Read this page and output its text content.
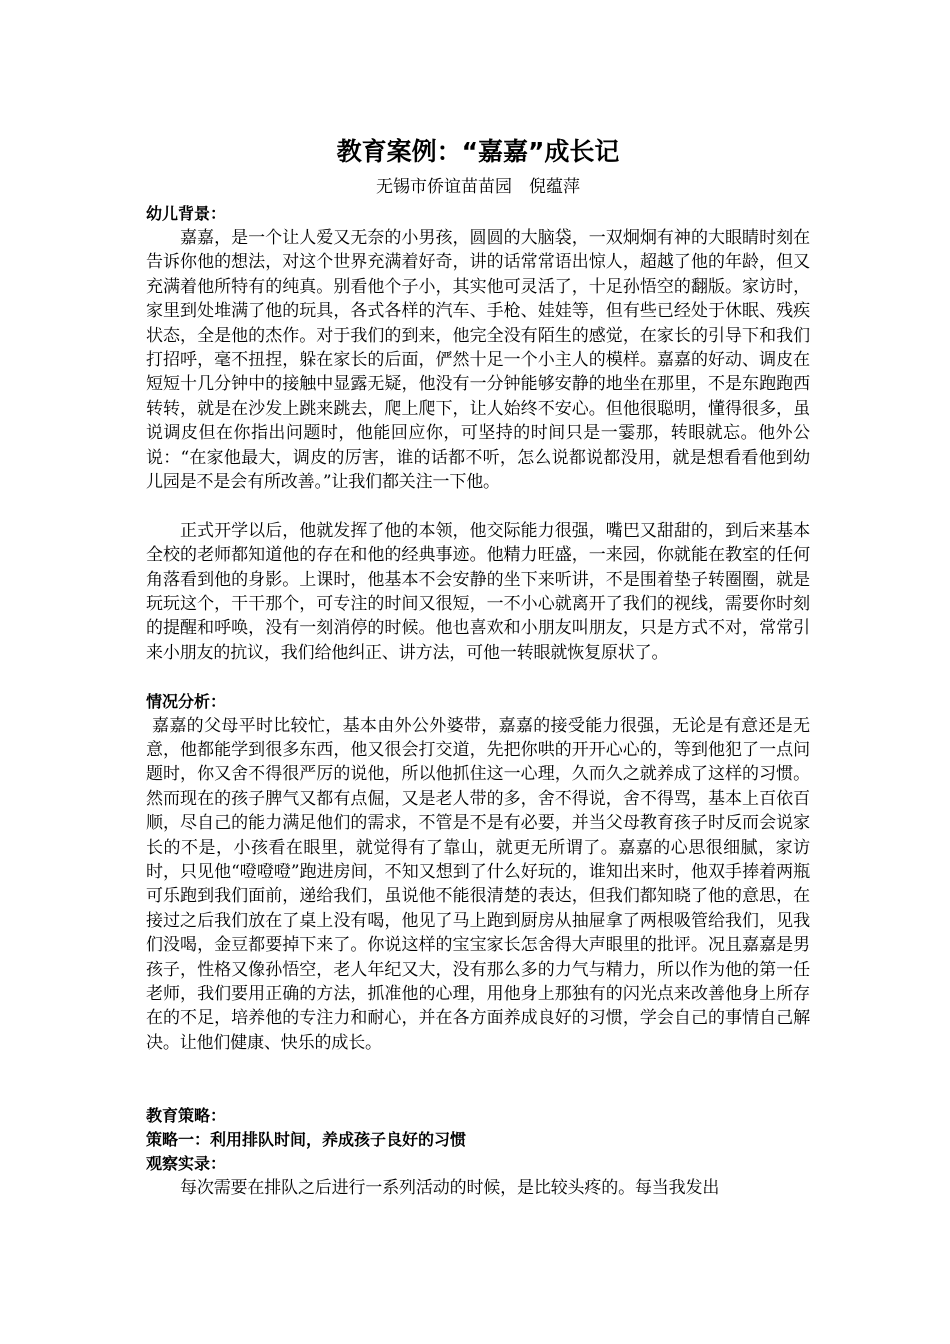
教育案例：“嘉嘉”成长记

无锡市侨谊苗苗园　倪蕴萍

幼儿背景：

嘉嘉，是一个让人爱又无奈的小男孩，圆圆的大脑袋，一双炯炯有神的大眼睛时刻在告诉你他的想法，对这个世界充满着好奇，讲的话常常语出惊人，超越了他的年龄，但又充满着他所特有的纯真。别看他个子小，其实他可灵活了，十足孙悟空的翻版。家访时，家里到处堆满了他的玩具，各式各样的汽车、手枪、娃娃等，但有些已经处于休眠、残疾状态，全是他的杰作。对于我们的到来，他完全没有陌生的感觉，在家长的引导下和我们打招呼，毫不扭捏，躲在家长的后面，俨然十足一个小主人的模样。嘉嘉的好动、调皮在短短十几分钟中的接触中显露无疑，他没有一分钟能够安静的地坐在那里，不是东跑跑西转转，就是在沙发上跳来跳去，爬上爬下，让人始终不安心。但他很聪明，懂得很多，虽说调皮但在你指出问题时，他能回应你，可坚持的时间只是一霎那，转眼就忘。他外公说：“在家他最大，调皮的厉害，谁的话都不听，怎么说都说都没用，就是想看看他到幼儿园是不是会有所改善。”让我们都关注一下他。

正式开学以后，他就发挥了他的本领，他交际能力很强，嘴巴又甜甜的，到后来基本全校的老师都知道他的存在和他的经典事迹。他精力旺盛，一来园，你就能在教室的任何角落看到他的身影。上课时，他基本不会安静的坐下来听讲，不是围着垫子转圈圈，就是玩玩这个，干干那个，可专注的时间又很短，一不小心就离开了我们的视线，需要你时刻的提醒和呼唤，没有一刻消停的时候。他也喜欢和小朋友叫朋友，只是方式不对，常常引来小朋友的抗议，我们给他纠正、讲方法，可他一转眼就恢复原状了。

情况分析：

嘉嘉的父母平时比较忙，基本由外公外婆带，嘉嘉的接受能力很强，无论是有意还是无意，他都能学到很多东西，他又很会打交道，先把你哄的开开心心的，等到他犯了一点问题时，你又舍不得很严厉的说他，所以他抓住这一心理，久而久之就养成了这样的习惯。然而现在的孩子脾气又都有点倔，又是老人带的多，舍不得说，舍不得骂，基本上百依百顺，尽自己的能力满足他们的需求，不管是不是有必要，并当父母教育孩子时反而会说家长的不是，小孩看在眼里，就觉得有了靠山，就更无所谓了。嘉嘉的心思很细腻，家访时，只见他“噔噔噔”跑进房间，不知又想到了什么好玩的，谁知出来时，他双手捧着两瓶可乐跑到我们面前，递给我们，虽说他不能很清楚的表达，但我们都知晓了他的意思，在接过之后我们放在了桌上没有喝，他见了马上跑到厨房从抽屉拿了两根吸管给我们，见我们没喝，金豆都要掉下来了。你说这样的宝宝家长怎舍得大声眼里的批评。况且嘉嘉是男孩子，性格又像孙悟空，老人年纪又大，没有那么多的力气与精力，所以作为他的第一任老师，我们要用正确的方法，抓准他的心理，用他身上那独有的闪光点来改善他身上所存在的不足，培养他的专注力和耐心，并在各方面养成良好的习惯，学会自己的事情自己解决。让他们健康、快乐的成长。

教育策略：

策略一：利用排队时间，养成孩子良好的习惯

观察实录：

每次需要在排队之后进行一系列活动的时候，是比较头疼的。每当我发出
